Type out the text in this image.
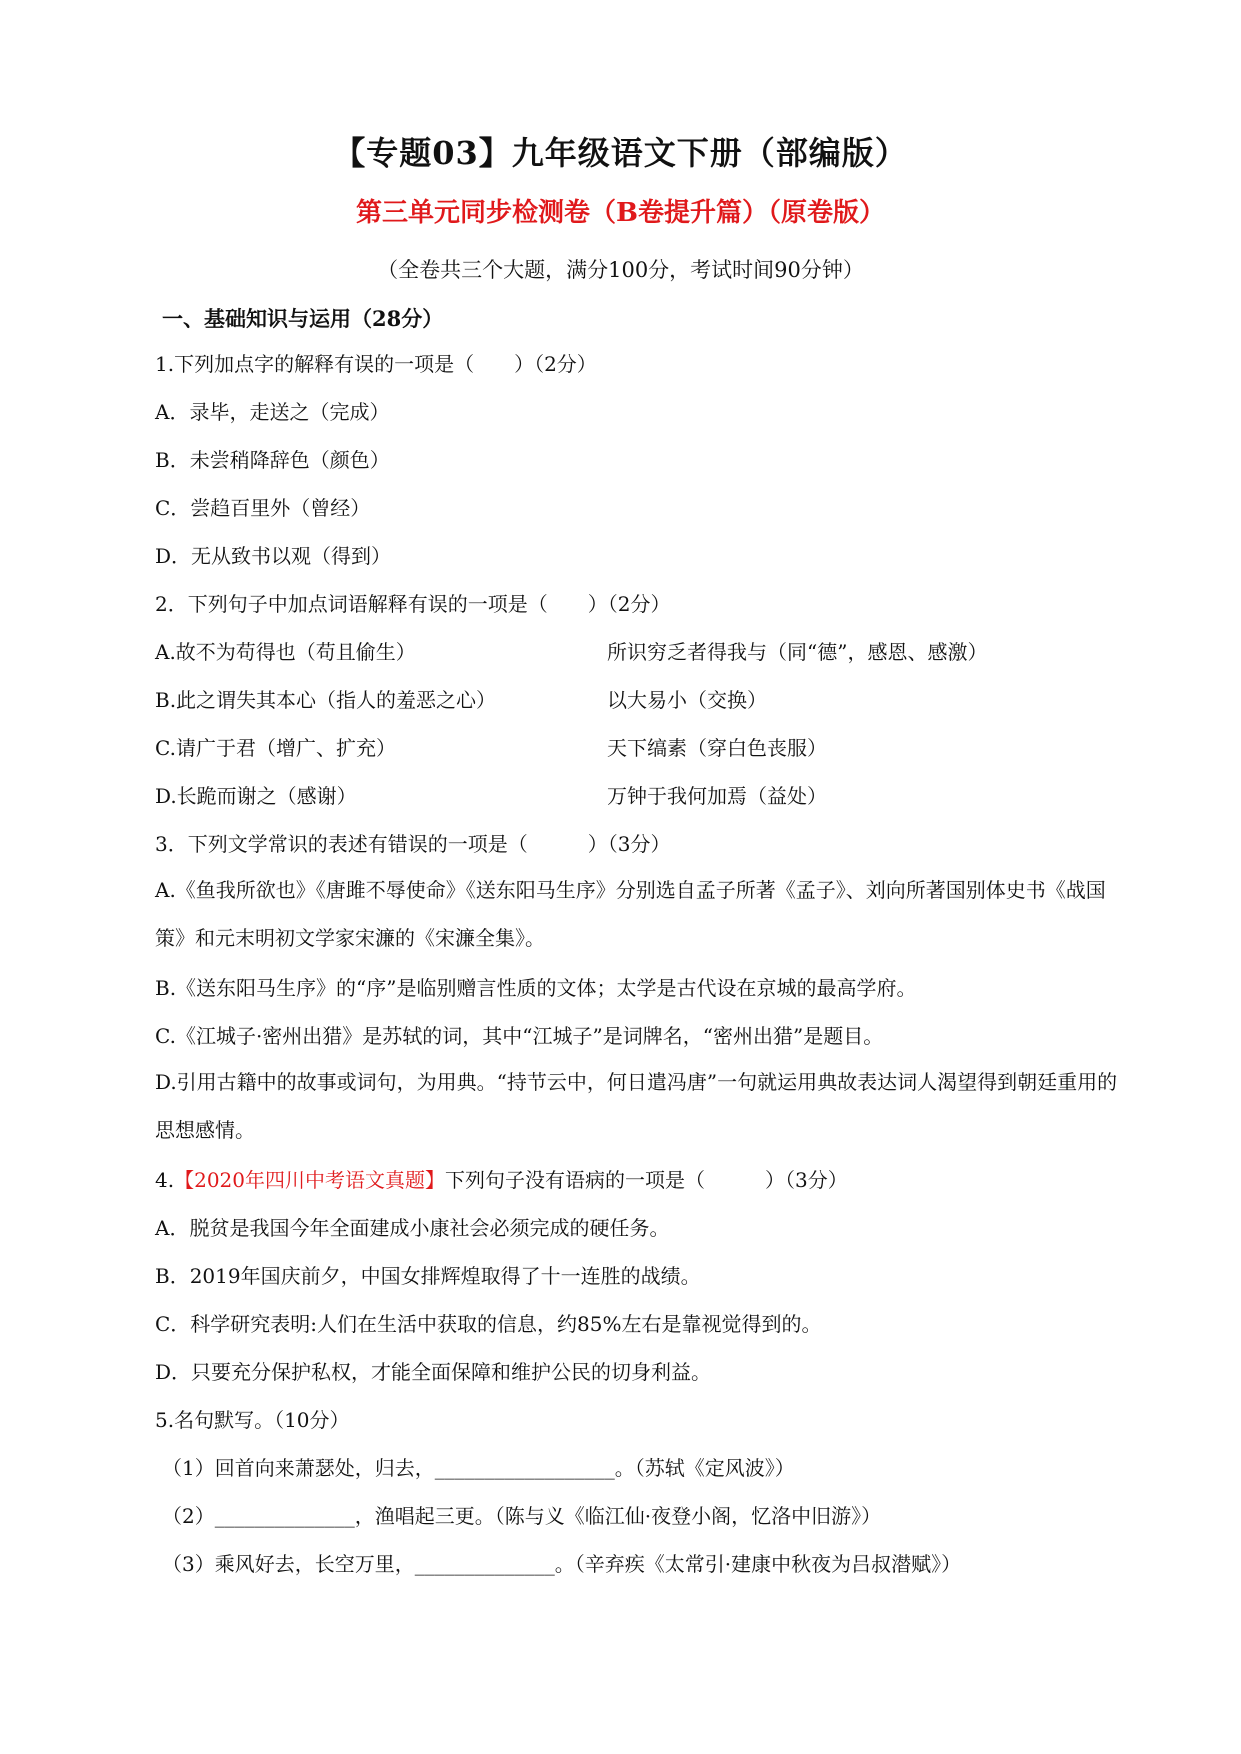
【专题03】九年级语文下册（部编版）
第三单元同步检测卷（B卷提升篇）（原卷版）
（全卷共三个大题，满分100分，考试时间90分钟）
一、基础知识与运用（28分）
1.下列加点字的解释有误的一项是（　　）（2分）
A．录毕，走送之（完成）
B．未尝稍降辞色（颜色）
C．尝趋百里外（曾经）
D．无从致书以观（得到）
2．下列句子中加点词语解释有误的一项是（　　）（2分）
A.故不为苟得也（苟且偷生）	所识穷乏者得我与（同“德”，感恩、感激）
B.此之谓失其本心（指人的羞恶之心）	以大易小（交换）
C.请广于君（增广、扩充）	天下缟素（穿白色丧服）
D.长跪而谢之（感谢）	万钟于我何加焉（益处）
3．下列文学常识的表述有错误的一项是（　　　）（3分）
A.《鱼我所欲也》《唐雎不辱使命》《送东阳马生序》分别选自孟子所著《孟子》、刘向所著国别体史书《战国策》和元末明初文学家宋濂的《宋濂全集》。
B.《送东阳马生序》的“序”是临别赠言性质的文体；太学是古代设在京城的最高学府。
C.《江城子·密州出猎》是苏轼的词，其中“江城子”是词牌名，“密州出猎”是题目。
D.引用古籍中的故事或词句，为用典。“持节云中，何日遣冯唐”一句就运用典故表达词人渴望得到朝廷重用的思想感情。
4.【2020年四川中考语文真题】下列句子没有语病的一项是（　　　）（3分）
A．脱贫是我国今年全面建成小康社会必须完成的硬任务。
B．2019年国庆前夕，中国女排辉煌取得了十一连胜的战绩。
C．科学研究表明:人们在生活中获取的信息，约85%左右是靠视觉得到的。
D．只要充分保护私权，才能全面保障和维护公民的切身利益。
5.名句默写。（10分）
（1）回首向来萧瑟处，归去，__________________。（苏轼《定风波》）
（2）______________，渔唱起三更。（陈与义《临江仙·夜登小阁，忆洛中旧游》）
（3）乘风好去，长空万里，______________。（辛弃疾《太常引·建康中秋夜为吕叔潜赋》）
